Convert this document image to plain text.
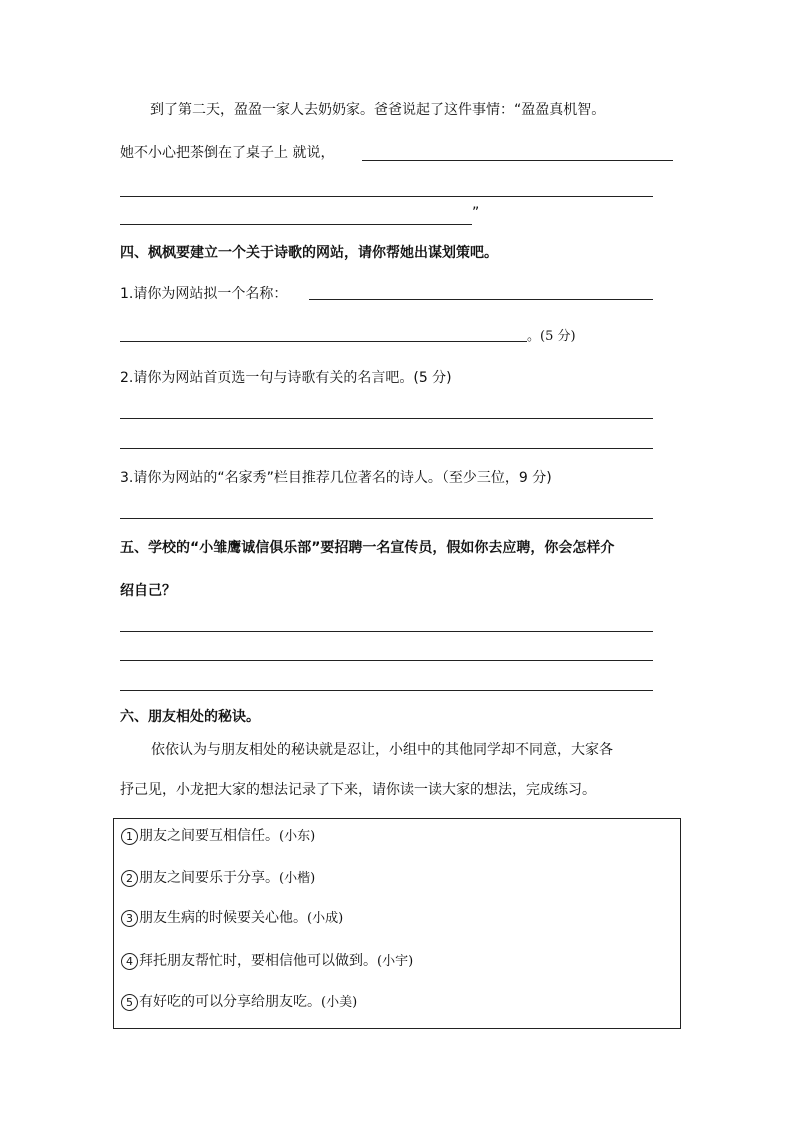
到了第二天，盈盈一家人去奶奶家。爸爸说起了这件事情：“盈盈真机智。
她不小心把茶倒在了桌子上 就说，
”
四、枫枫要建立一个关于诗歌的网站，请你帮她出谋划策吧。
1.请你为网站拟一个名称：
。(5 分)
2.请你为网站首页选一句与诗歌有关的名言吧。(5 分)
3.请你为网站的“名家秀”栏目推荐几位著名的诗人。（至少三位，9 分)
五、学校的“小雏鹰诚信俱乐部”要招聘一名宣传员，假如你去应聘，你会怎样介
绍自己？
六、朋友相处的秘诀。
依依认为与朋友相处的秘诀就是忍让，小组中的其他同学却不同意，大家各
抒己见，小龙把大家的想法记录了下来，请你读一读大家的想法，完成练习。
1 朋友之间要互相信任。(小东)
2 朋友之间要乐于分享。(小楷)
3 朋友生病的时候要关心他。(小成)
4 拜托朋友帮忙时，要相信他可以做到。(小宇)
5 有好吃的可以分享给朋友吃。(小美)
